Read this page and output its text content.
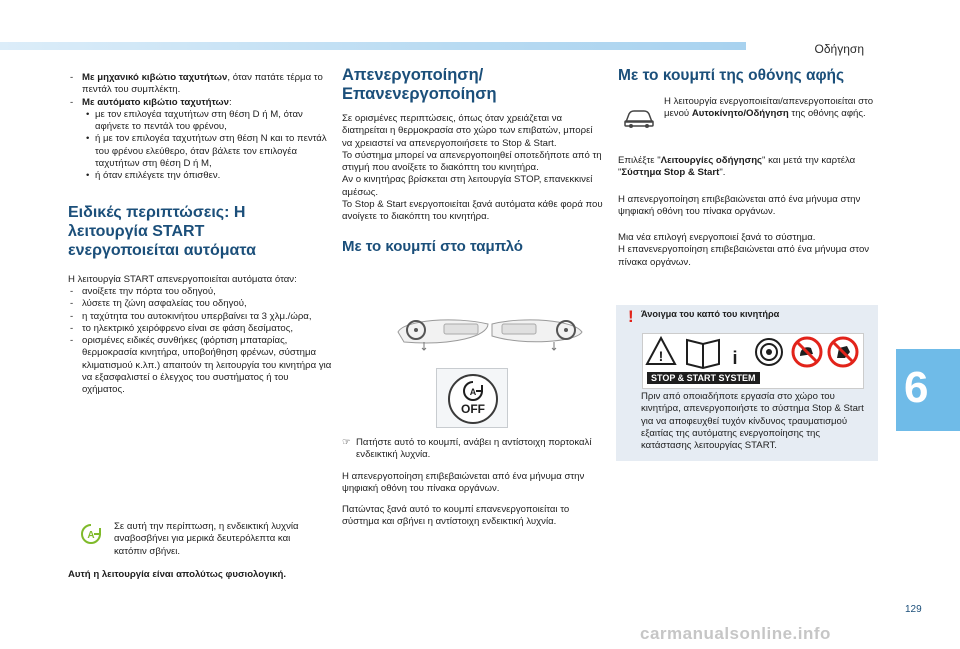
Οδήγηση
- Με μηχανικό κιβώτιο ταχυτήτων, όταν πατάτε τέρμα το πεντάλ του συμπλέκτη.
- Με αυτόματο κιβώτιο ταχυτήτων:
• με τον επιλογέα ταχυτήτων στη θέση D ή M, όταν αφήνετε το πεντάλ του φρένου,
• ή με τον επιλογέα ταχυτήτων στη θέση N και το πεντάλ του φρένου ελεύθερο, όταν βάλετε τον επιλογέα ταχυτήτων στη θέση D ή M,
• ή όταν επιλέγετε την όπισθεν.
Ειδικές περιπτώσεις: Η λειτουργία START ενεργοποιείται αυτόματα

Η λειτουργία START απενεργοποιείται αυτόματα όταν:

- ανοίξετε την πόρτα του οδηγού,
- λύσετε τη ζώνη ασφαλείας του οδηγού,
- η ταχύτητα του αυτοκινήτου υπερβαίνει τα 3 χλμ./ώρα,
- το ηλεκτρικό χειρόφρενο είναι σε φάση δεσίματος,
- ορισμένες ειδικές συνθήκες (φόρτιση μπαταρίας, θερμοκρασία κινητήρα, υποβοήθηση φρένων, σύστημα κλιματισμού κ.λπ.) απαιτούν τη λειτουργία του κινητήρα για να εξασφαλιστεί ο έλεγχος του συστήματος ή του οχήματος.
A
Σε αυτή την περίπτωση, η ενδεικτική λυχνία αναβοσβήνει για μερικά δευτερόλεπτα και κατόπιν σβήνει.
Αυτή η λειτουργία είναι απολύτως φυσιολογική.
Απενεργοποίηση/Επανενεργοποίηση

Σε ορισμένες περιπτώσεις, όπως όταν χρειάζεται να διατηρείται η θερμοκρασία στο χώρο των επιβατών, μπορεί να χρειαστεί να απενεργοποιήσετε το Stop & Start.

Το σύστημα μπορεί να απενεργοποιηθεί οποτεδήποτε από τη στιγμή που ανοίξετε το διακόπτη του κινητήρα.

Αν ο κινητήρας βρίσκεται στη λειτουργία STOP, επανεκκινεί αμέσως.

Το Stop & Start ενεργοποιείται ξανά αυτόματα κάθε φορά που ανοίγετε το διακόπτη του κινητήρα.

Με το κουμπί στο ταμπλό
A
OFF
☞ Πατήστε αυτό το κουμπί, ανάβει η αντίστοιχη πορτοκαλί ενδεικτική λυχνία.

Η απενεργοποίηση επιβεβαιώνεται από ένα μήνυμα στην ψηφιακή οθόνη του πίνακα οργάνων.

Πατώντας ξανά αυτό το κουμπί επανενεργοποιείται το σύστημα και σβήνει η αντίστοιχη ενδεικτική λυχνία.

Με το κουμπί της οθόνης αφής
Η λειτουργία ενεργοποιείται/απενεργοποιείται στο μενού Αυτοκίνητο/Οδήγηση της οθόνης αφής.

Επιλέξτε "Λειτουργίες οδήγησης" και μετά την καρτέλα "Σύστημα Stop & Start".

Η απενεργοποίηση επιβεβαιώνεται από ένα μήνυμα στην ψηφιακή οθόνη του πίνακα οργάνων.

Μια νέα επιλογή ενεργοποιεί ξανά το σύστημα.
Η επανενεργοποίηση επιβεβαιώνεται από ένα μήνυμα στον πίνακα οργάνων.

! Άνοιγμα του καπό του κινητήρα
!	i
STOP & START SYSTEM
Πριν από οποιαδήποτε εργασία στο χώρο του κινητήρα, απενεργοποιήστε το σύστημα Stop & Start για να αποφευχθεί τυχόν κίνδυνος τραυματισμού εξαιτίας της αυτόματης ενεργοποίησης της κατάστασης λειτουργίας START.
6
129
carmanualsonline.info
